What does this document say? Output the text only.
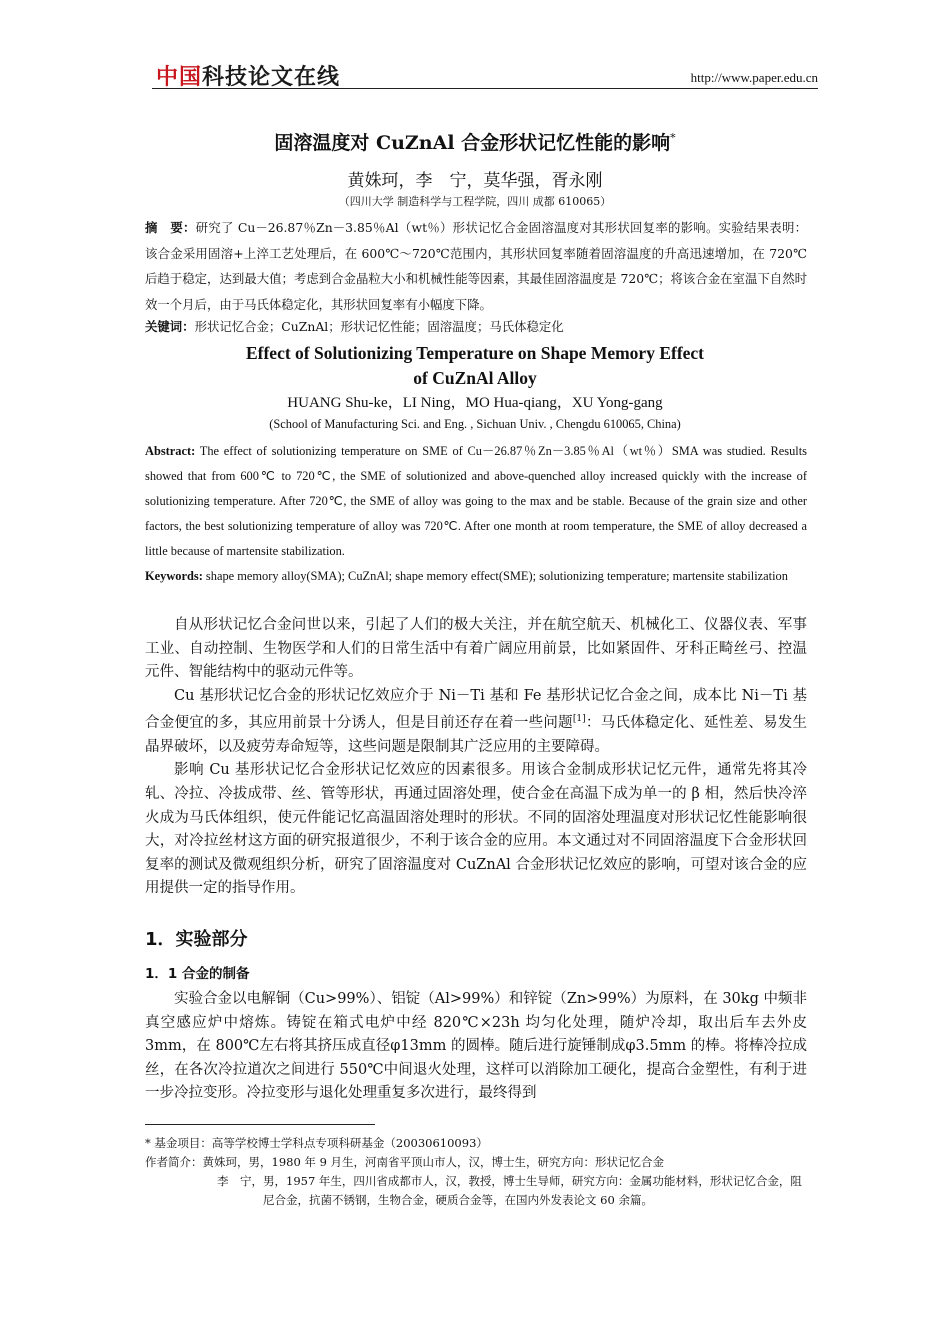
中国科技论文在线	http://www.paper.edu.cn
固溶温度对 CuZnAl 合金形状记忆性能的影响*
黄姝珂，李　宁，莫华强，胥永刚
（四川大学 制造科学与工程学院，四川 成都 610065）
摘　要：研究了 Cu－26.87％Zn－3.85％Al（wt％）形状记忆合金固溶温度对其形状回复率的影响。实验结果表明：该合金采用固溶+上淬工艺处理后，在 600℃～720℃范围内，其形状回复率随着固溶温度的升高迅速增加，在 720℃后趋于稳定，达到最大值；考虑到合金晶粒大小和机械性能等因素，其最佳固溶温度是 720℃；将该合金在室温下自然时效一个月后，由于马氏体稳定化，其形状回复率有小幅度下降。
关键词：形状记忆合金；CuZnAl；形状记忆性能；固溶温度；马氏体稳定化
Effect of Solutionizing Temperature on Shape Memory Effect
of CuZnAl Alloy
HUANG Shu-ke，LI Ning，MO Hua-qiang，XU Yong-gang
(School of Manufacturing Sci. and Eng. , Sichuan Univ. , Chengdu 610065, China)
Abstract: The effect of solutionizing temperature on SME of Cu－26.87％Zn－3.85％Al（wt％）SMA was studied. Results showed that from 600℃ to 720℃, the SME of solutionized and above-quenched alloy increased quickly with the increase of solutionizing temperature. After 720℃, the SME of alloy was going to the max and be stable. Because of the grain size and other factors, the best solutionizing temperature of alloy was 720℃. After one month at room temperature, the SME of alloy decreased a little because of martensite stabilization.
Keywords: shape memory alloy(SMA); CuZnAl; shape memory effect(SME); solutionizing temperature; martensite stabilization

自从形状记忆合金问世以来，引起了人们的极大关注，并在航空航天、机械化工、仪器仪表、军事工业、自动控制、生物医学和人们的日常生活中有着广阔应用前景，比如紧固件、牙科正畸丝弓、控温元件、智能结构中的驱动元件等。

Cu 基形状记忆合金的形状记忆效应介于 Ni－Ti 基和 Fe 基形状记忆合金之间，成本比 Ni－Ti 基合金便宜的多，其应用前景十分诱人，但是目前还存在着一些问题[1]：马氏体稳定化、延性差、易发生晶界破坏，以及疲劳寿命短等，这些问题是限制其广泛应用的主要障碍。

影响 Cu 基形状记忆合金形状记忆效应的因素很多。用该合金制成形状记忆元件，通常先将其冷轧、冷拉、冷拔成带、丝、管等形状，再通过固溶处理，使合金在高温下成为单一的 β 相，然后快冷淬火成为马氏体组织，使元件能记忆高温固溶处理时的形状。不同的固溶处理温度对形状记忆性能影响很大，对冷拉丝材这方面的研究报道很少，不利于该合金的应用。本文通过对不同固溶温度下合金形状回复率的测试及微观组织分析，研究了固溶温度对 CuZnAl 合金形状记忆效应的影响，可望对该合金的应用提供一定的指导作用。

1．实验部分
1．1 合金的制备

实验合金以电解铜（Cu>99%）、铝锭（Al>99%）和锌锭（Zn>99%）为原料，在 30kg 中频非真空感应炉中熔炼。铸锭在箱式电炉中经 820℃×23h 均匀化处理，随炉冷却，取出后车去外皮 3mm，在 800℃左右将其挤压成直径φ13mm 的圆棒。随后进行旋锤制成φ3.5mm 的棒。将棒冷拉成丝，在各次冷拉道次之间进行 550℃中间退火处理，这样可以消除加工硬化，提高合金塑性，有利于进一步冷拉变形。冷拉变形与退化处理重复多次进行，最终得到

* 基金项目：高等学校博士学科点专项科研基金（20030610093）
作者简介： 黄姝珂，男，1980 年 9 月生，河南省平顶山市人，汉，博士生，研究方向：形状记忆合金
李　宁， 男，1957 年生，四川省成都市人，汉，教授，博士生导师，研究方向：金属功能材料，形状记忆合金，阻尼合金，抗菌不锈钢，生物合金，硬质合金等，在国内外发表论文 60 余篇。
